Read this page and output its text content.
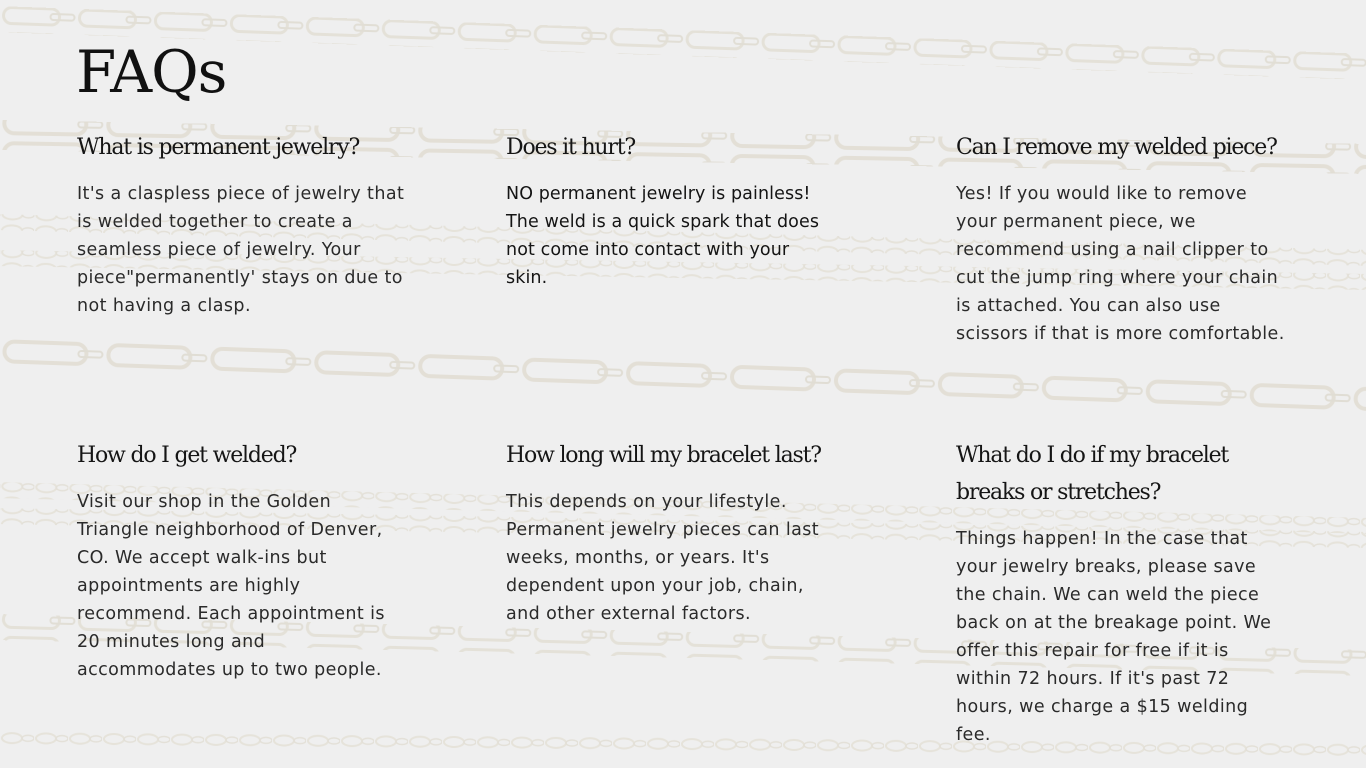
FAQs
What is permanent jewelry?

It's a claspless piece of jewelry that is welded together to create a seamless piece of jewelry. Your piece"permanently' stays on due to not having a clasp.

Does it hurt?

NO permanent jewelry is painless! The weld is a quick spark that does not come into contact with your skin.

Can I remove my welded piece?

Yes! If you would like to remove your permanent piece, we recommend using a nail clipper to cut the jump ring where your chain is attached. You can also use scissors if that is more comfortable.

How do I get welded?

Visit our shop in the Golden Triangle neighborhood of Denver, CO. We accept walk-ins but appointments are highly recommend. Each appointment is 20 minutes long and accommodates up to two people.

How long will my bracelet last?

This depends on your lifestyle. Permanent jewelry pieces can last weeks, months, or years. It's dependent upon your job, chain, and other external factors.

What do I do if my bracelet breaks or stretches?

Things happen! In the case that your jewelry breaks, please save the chain. We can weld the piece back on at the breakage point. We offer this repair for free if it is within 72 hours. If it's past 72 hours, we charge a $15 welding fee.
